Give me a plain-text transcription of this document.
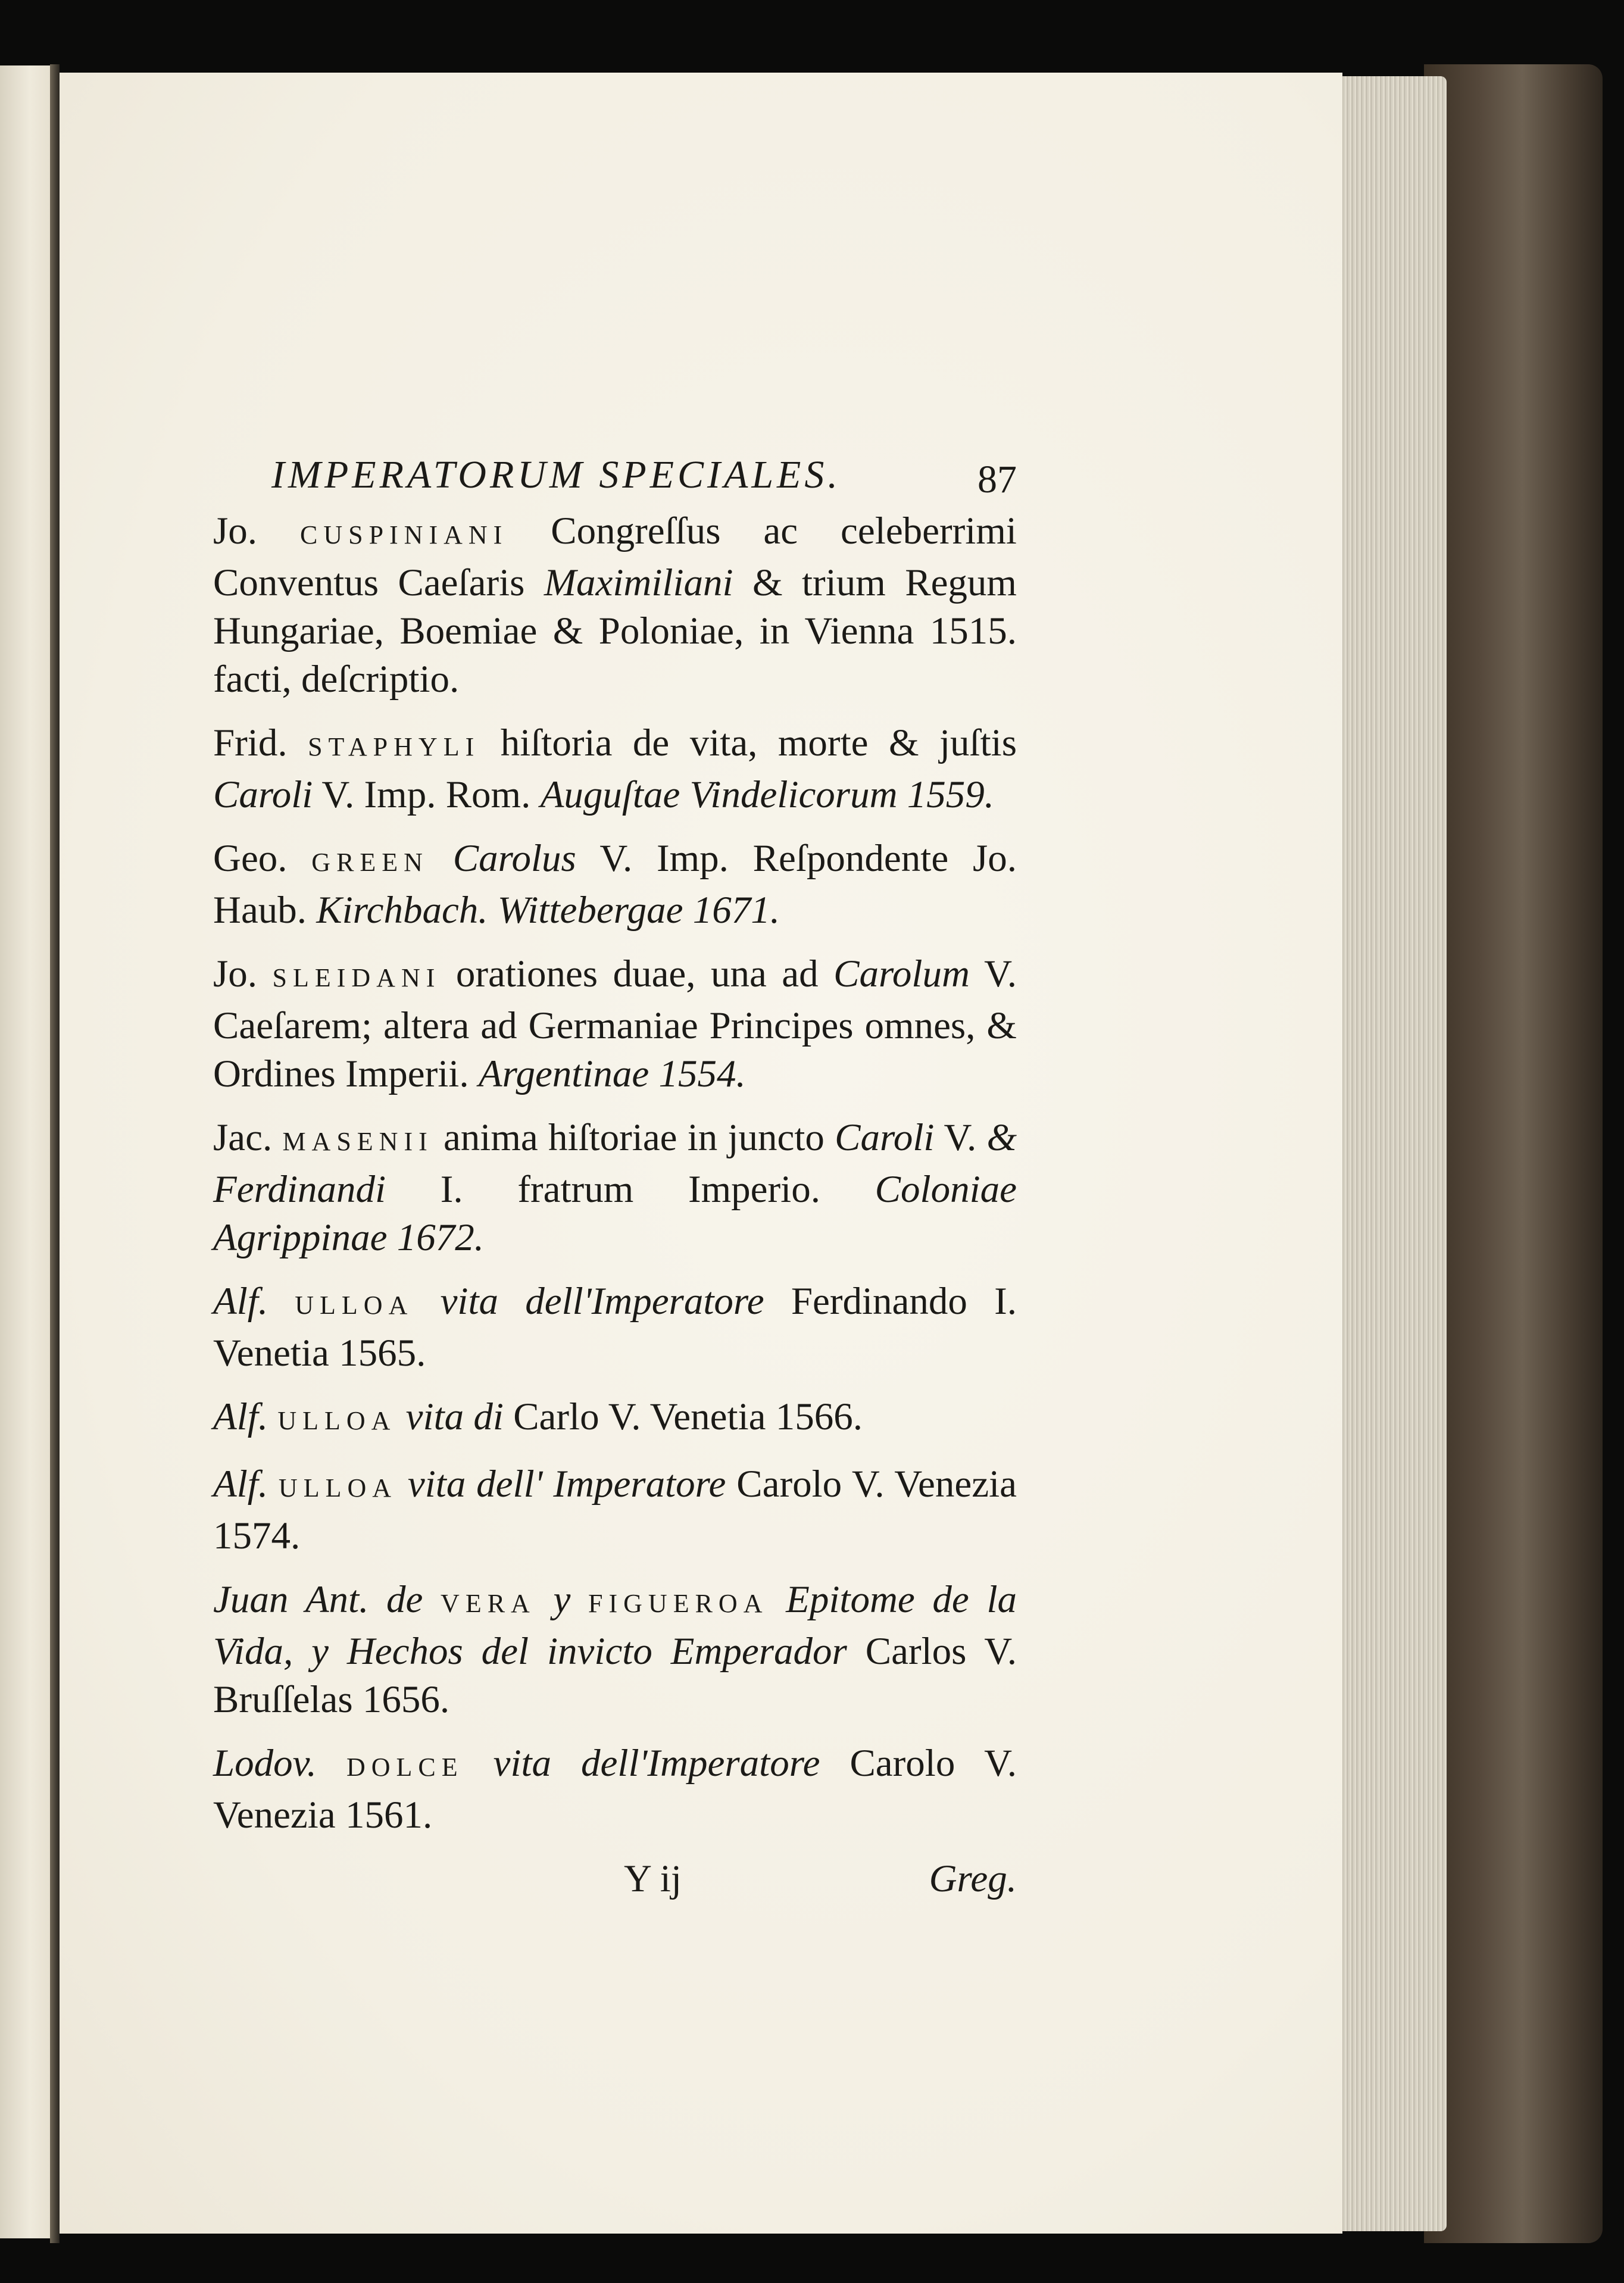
IMPERATORUM SPECIALES.	87

Jo. CUSPINIANI Congreſſus ac celeberrimi Conventus Caeſaris Maximiliani & trium Regum Hungariae, Boemiae & Poloniae, in Vienna 1515. facti, deſcriptio.

Frid. STAPHYLI hiſtoria de vita, morte & juſtis Caroli V. Imp. Rom. Auguſtae Vindelicorum 1559.

Geo. GREEN Carolus V. Imp. Reſpondente Jo. Haub. Kirchbach. Wittebergae 1671.

Jo. SLEIDANI orationes duae, una ad Carolum V. Caeſarem; altera ad Germaniae Principes omnes, & Ordines Imperii. Argentinae 1554.

Jac. MASENII anima hiſtoriae in juncto Caroli V. & Ferdinandi I. fratrum Imperio. Coloniae Agrippinae 1672.

Alf. ULLOA vita dell'Imperatore Ferdinando I. Venetia 1565.

Alf. ULLOA vita di Carlo V. Venetia 1566.

Alf. ULLOA vita dell' Imperatore Carolo V. Venezia 1574.

Juan Ant. de VERA y FIGUEROA Epitome de la Vida, y Hechos del invicto Emperador Carlos V. Bruſſelas 1656.

Lodov. DOLCE vita dell'Imperatore Carolo V. Venezia 1561.

Y ij	Greg.
